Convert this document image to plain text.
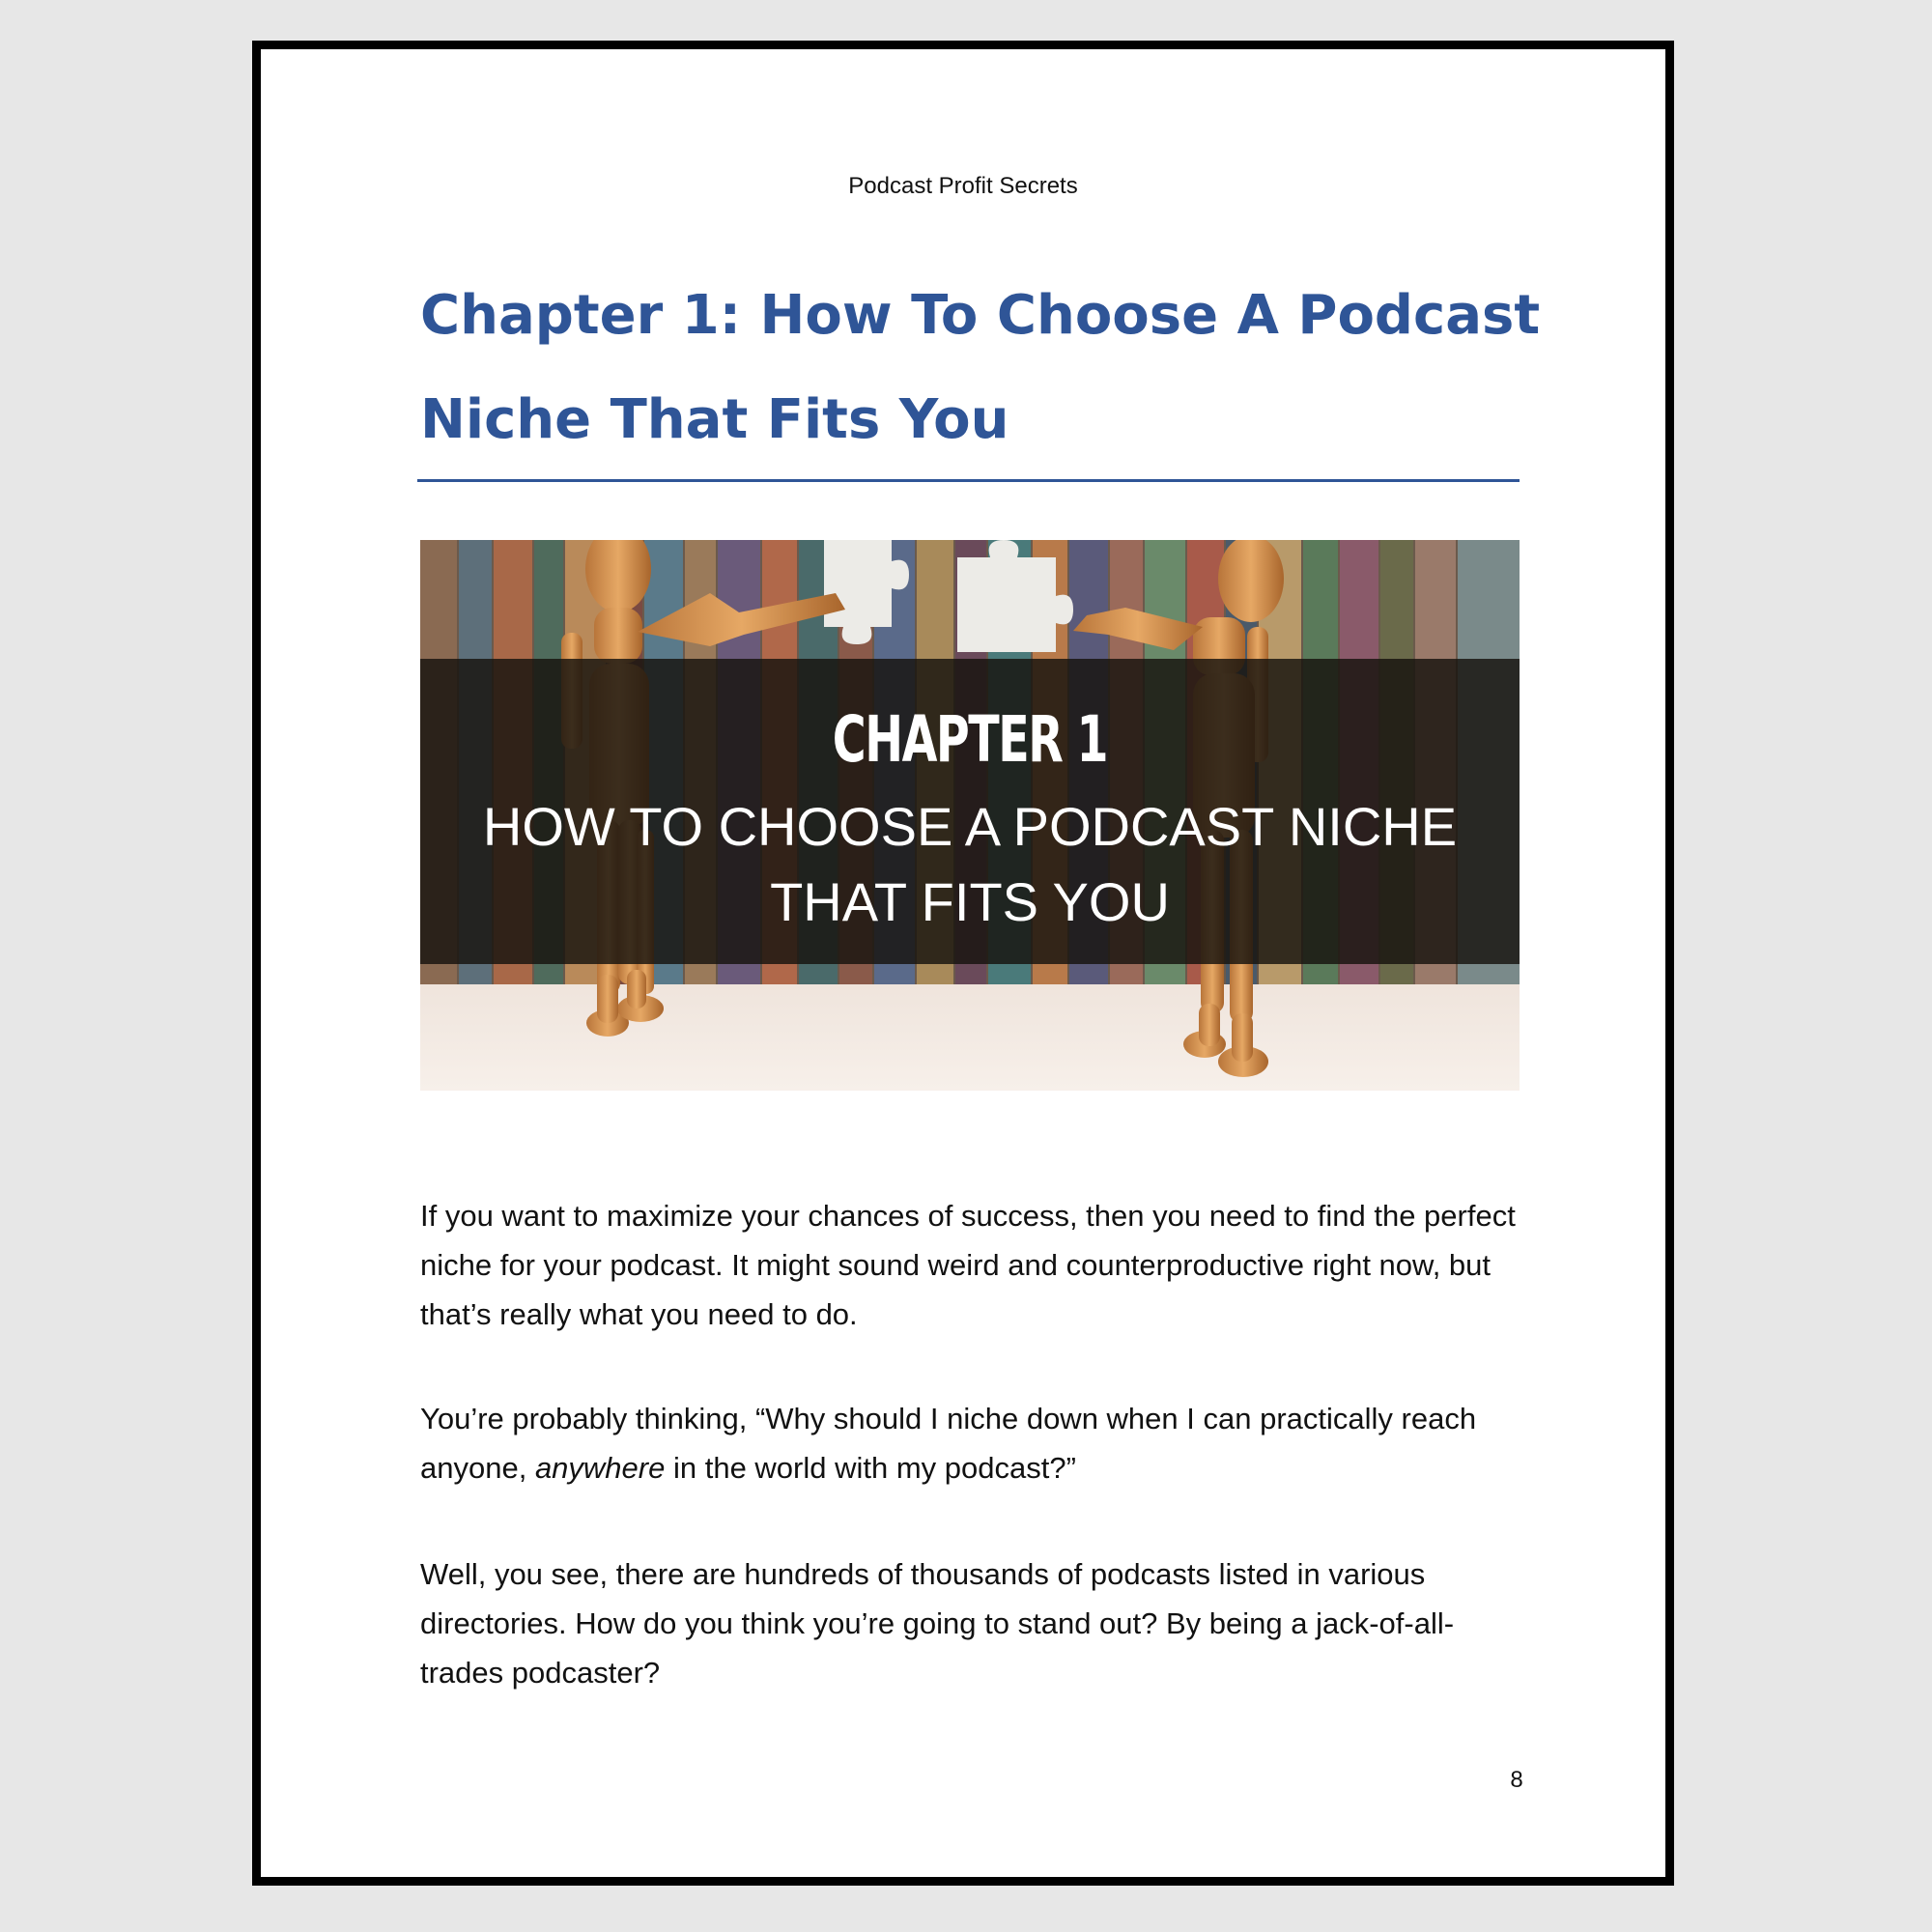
Podcast Profit Secrets
Chapter 1: How To Choose A Podcast Niche That Fits You
CHAPTER 1
HOW TO CHOOSE A PODCAST NICHE
THAT FITS YOU

If you want to maximize your chances of success, then you need to find the perfect niche for your podcast. It might sound weird and counterproductive right now, but that’s really what you need to do.

You’re probably thinking, “Why should I niche down when I can practically reach anyone, anywhere in the world with my podcast?”

Well, you see, there are hundreds of thousands of podcasts listed in various directories. How do you think you’re going to stand out? By being a jack-of-all-trades podcaster?

8
